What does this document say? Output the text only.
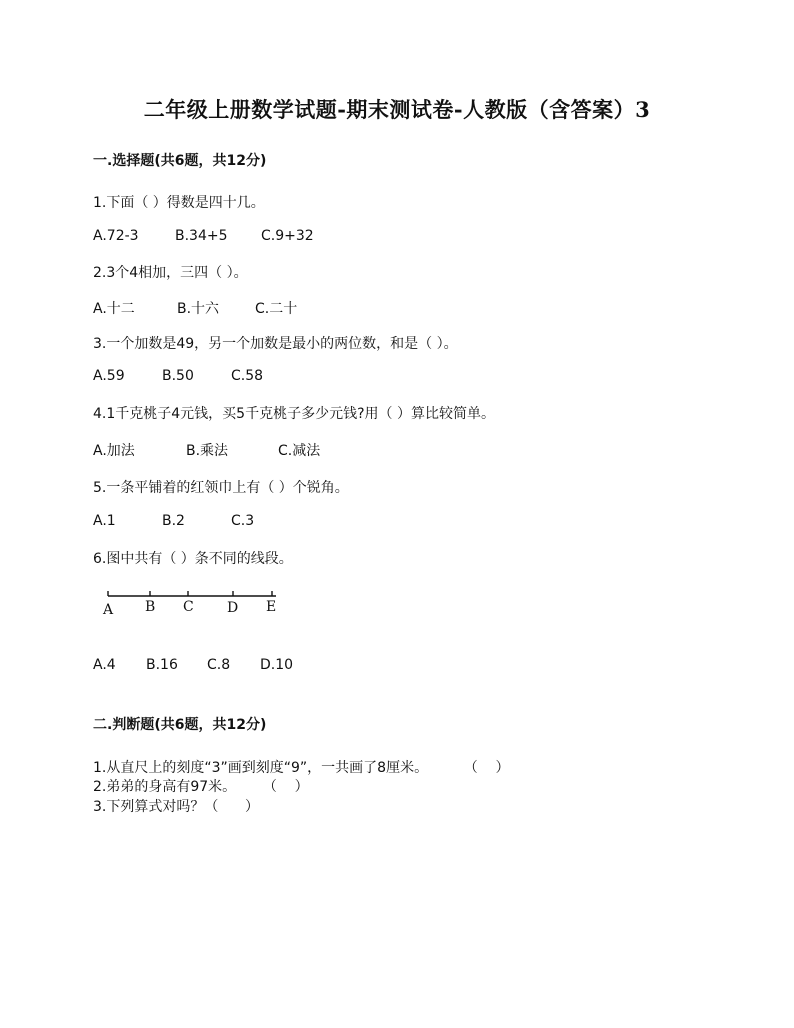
二年级上册数学试题-期末测试卷-人教版（含答案）3
一.选择题(共6题，共12分)
1.下面（ ）得数是四十几。
A.72-3	B.34+5 C.9+32
2.3个4相加，三四（ ）。
A.十二	B.十六	C.二十
3.一个加数是49，另一个加数是最小的两位数，和是（ ）。
A.59	B.50	C.58
4.1千克桃子4元钱，买5千克桃子多少元钱?用（ ）算比较简单。
A.加法	B.乘法	C.减法
5.一条平铺着的红领巾上有（ ）个锐角。
A.1	B.2	C.3
6.图中共有（ ）条不同的线段。
A B C D E
A.4 B.16 C.8 D.10
二.判断题(共6题，共12分)
1.从直尺上的刻度“3”画到刻度“9”，一共画了8厘米。        （    ）
2.弟弟的身高有97米。      （    ）
3.下列算式对吗？（      ）
